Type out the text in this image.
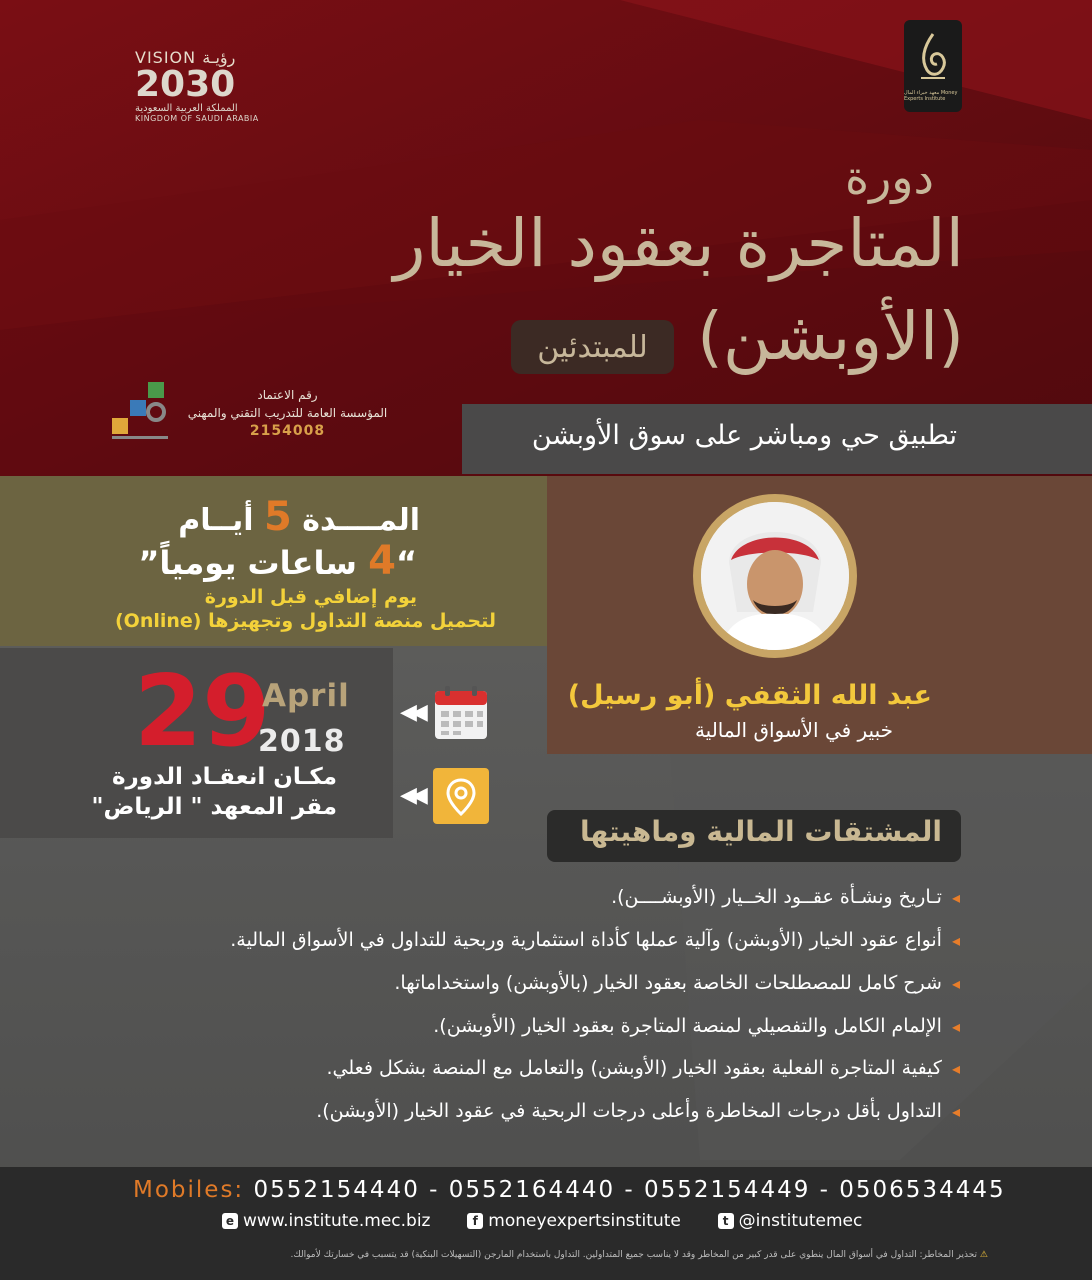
معهد خبراء المال Money Experts Institute
VISION رؤيـة
2030
المملكة العربية السعودية
KINGDOM OF SAUDI ARABIA
دورة
المتاجرة بعقود الخيار
(الأوبشن)
للمبتدئين
رقم الاعتماد
المؤسسة العامة للتدريب التقني والمهني
2154008	تطبيق حي ومباشر على سوق الأوبشن
المــــدة 5 أيــام
“4 ساعات يومياً”
يوم إضافي قبل الدورة
لتحميل منصة التداول وتجهيزها (Online)
29
April
2018
مكـان انعقـاد الدورة
مقر المعهد " الرياض"
◀◀
◀◀
عبد الله الثقفي (أبو رسيل)
خبير في الأسواق المالية
المشتقات المالية وماهيتها
◂تـاريخ ونشـأة عقــود الخــيار (الأوبشــــن).
◂أنواع عقود الخيار (الأوبشن) وآلية عملها كأداة استثمارية وربحية للتداول في الأسواق المالية.
◂شرح كامل للمصطلحات الخاصة بعقود الخيار (بالأوبشن) واستخداماتها.
◂الإلمام الكامل والتفصيلي لمنصة المتاجرة بعقود الخيار (الأوبشن).
◂كيفية المتاجرة الفعلية بعقود الخيار (الأوبشن) والتعامل مع المنصة بشكل فعلي.
◂التداول بأقل درجات المخاطرة وأعلى درجات الربحية في عقود الخيار (الأوبشن).
Mobiles: 0552154440 - 0552164440 - 0552154449 - 0506534445
e www.institute.mec.biz	f moneyexpertsinstitute	t @institutemec
⚠ تحذير المخاطر: التداول في أسواق المال ينطوي على قدر كبير من المخاطر وقد لا يناسب جميع المتداولين. التداول باستخدام المارجن (التسهيلات البنكية) قد يتسبب في خسارتك لأموالك.
